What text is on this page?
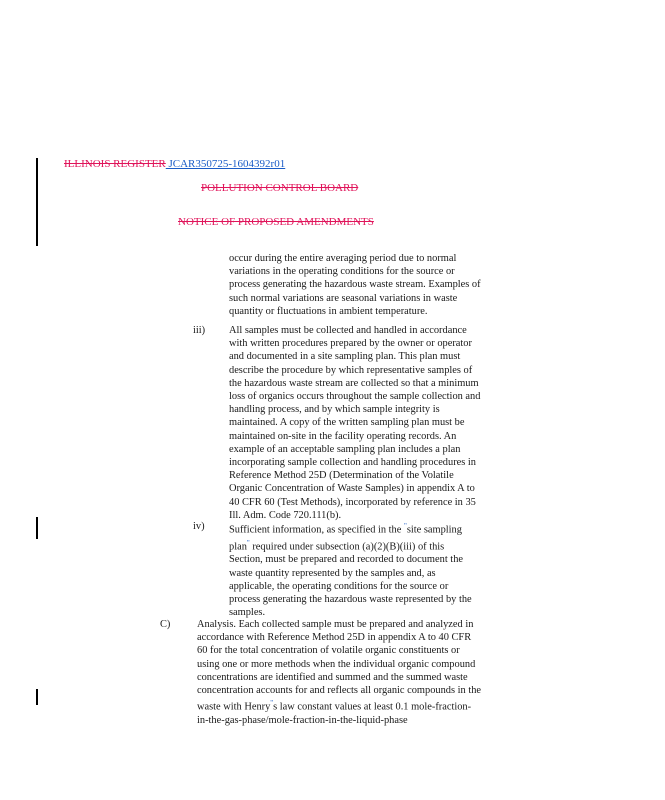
ILLINOIS REGISTER JCAR350725-1604392r01
POLLUTION CONTROL BOARD
NOTICE OF PROPOSED AMENDMENTS
occur during the entire averaging period due to normal variations in the operating conditions for the source or process generating the hazardous waste stream. Examples of such normal variations are seasonal variations in waste quantity or fluctuations in ambient temperature.
iii) All samples must be collected and handled in accordance with written procedures prepared by the owner or operator and documented in a site sampling plan. This plan must describe the procedure by which representative samples of the hazardous waste stream are collected so that a minimum loss of organics occurs throughout the sample collection and handling process, and by which sample integrity is maintained. A copy of the written sampling plan must be maintained on-site in the facility operating records. An example of an acceptable sampling plan includes a plan incorporating sample collection and handling procedures in Reference Method 25D (Determination of the Volatile Organic Concentration of Waste Samples) in appendix A to 40 CFR 60 (Test Methods), incorporated by reference in 35 Ill. Adm. Code 720.111(b).
iv) Sufficient information, as specified in the "site sampling plan" required under subsection (a)(2)(B)(iii) of this Section, must be prepared and recorded to document the waste quantity represented by the samples and, as applicable, the operating conditions for the source or process generating the hazardous waste represented by the samples.
C)	Analysis. Each collected sample must be prepared and analyzed in accordance with Reference Method 25D in appendix A to 40 CFR 60 for the total concentration of volatile organic constituents or using one or more methods when the individual organic compound concentrations are identified and summed and the summed waste concentration accounts for and reflects all organic compounds in the waste with Henry"s law constant values at least 0.1 mole-fraction-in-the-gas-phase/mole-fraction-in-the-liquid-phase
